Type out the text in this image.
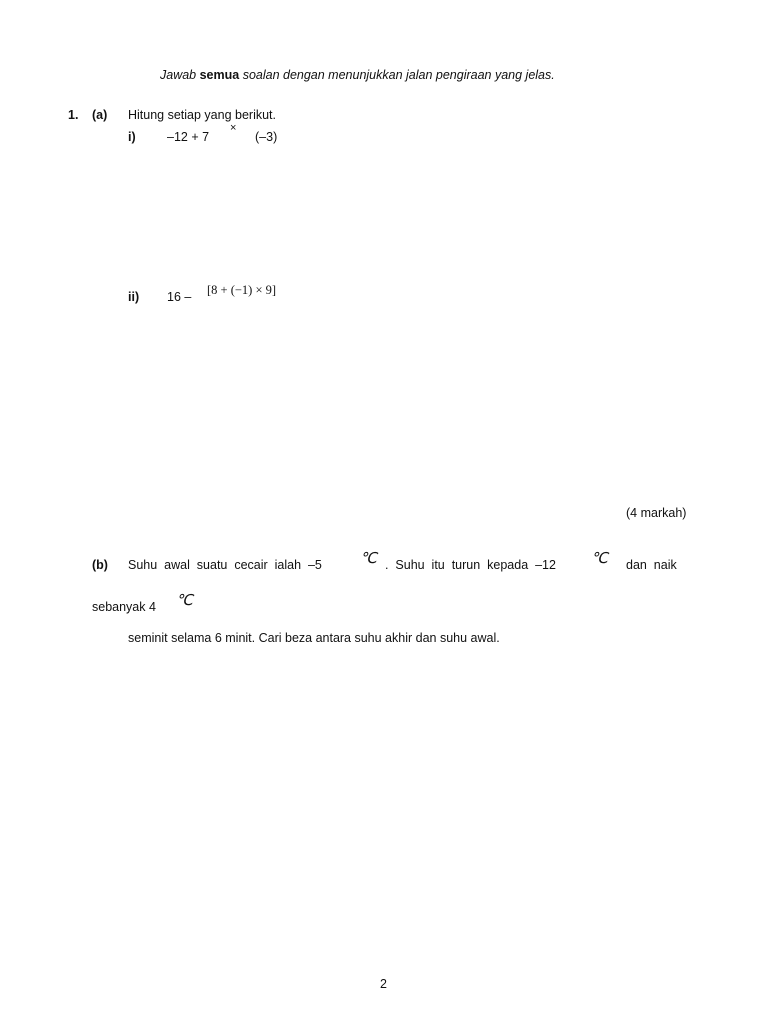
Jawab semua soalan dengan menunjukkan jalan pengiraan yang jelas.
1. (a) Hitung setiap yang berikut.
i)	–12 + 7
×
(–3)
ii) 16 – [8 + (−1) × 9]
(4 markah)
(b) Suhu  awal  suatu  cecair  ialah  –5	℃ .  Suhu  itu  turun  kepada  –12 ℃ dan  naik
sebanyak 4 ℃
seminit selama 6 minit. Cari beza antara suhu akhir dan suhu awal.
2
